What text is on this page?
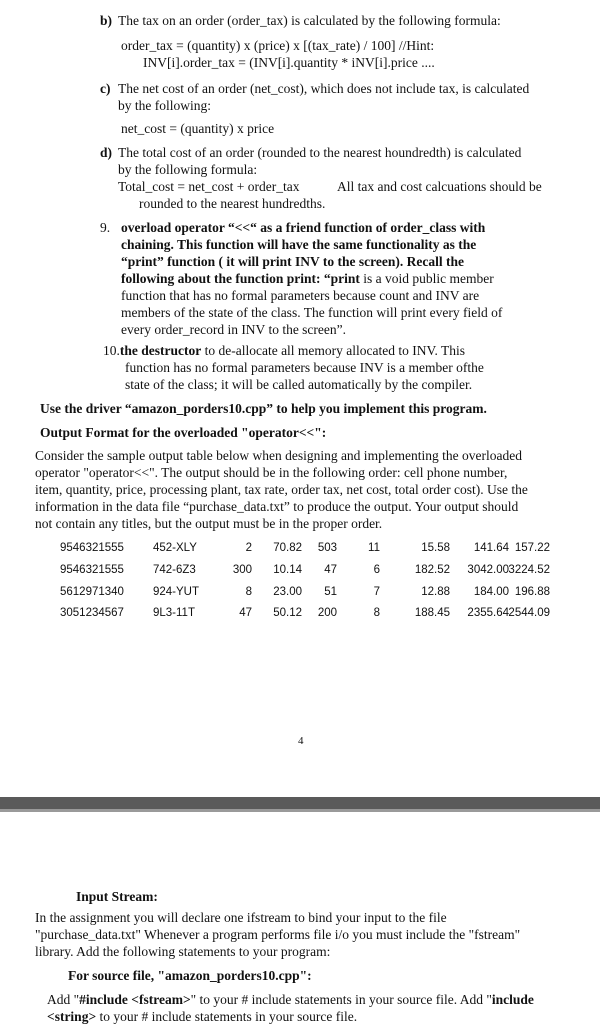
b) The tax on an order (order_tax) is calculated by the following formula:
order_tax = (quantity) x (price) x [(tax_rate) / 100] //Hint:
INV[i].order_tax = (INV[i].quantity * iNV[i].price ....
c) The net cost of an order (net_cost), which does not include tax, is calculated
by the following:
net_cost = (quantity) x price
d) The total cost of an order (rounded to the nearest houndredth) is calculated
by the following formula:
Total_cost = net_cost + order_tax	All tax and cost calcuations should be
rounded to the nearest hundredths.
9. overload operator “<<“ as a friend function of order_class with
chaining. This function will have the same functionality as the
“print” function ( it will print INV to the screen). Recall the
following about the function print: “print is a void public member
function that has no formal parameters because count and INV are
members of the state of the class. The function will print every field of
every order_record in INV to the screen”.
10.the destructor to de-allocate all memory allocated to INV. This
function has no formal parameters because INV is a member ofthe
state of the class; it will be called automatically by the compiler.
Use the driver “amazon_porders10.cpp” to help you implement this program.
Output Format for the overloaded "operator<<":
Consider the sample output table below when designing and implementing the overloaded
operator "operator<<". The output should be in the following order: cell phone number,
item, quantity, price, processing plant, tax rate, order tax, net cost, total order cost). Use the
information in the data file “purchase_data.txt” to produce the output. Your output should
not contain any titles, but the output must be in the proper order.
9546321555	452-XLY	2 70.82 503	11	15.58 141.64 157.22
9546321555	742-6Z3	300 10.14 47	6	182.52 3042.00 3224.52
5612971340	924-YUT	8 23.00 51	7	12.88 184.00 196.88
3051234567	9L3-11T	47 50.12 200	8	188.45 2355.64 2544.09
4
Input Stream:
In the assignment you will declare one ifstream to bind your input to the file
"purchase_data.txt" Whenever a program performs file i/o you must include the "fstream"
library. Add the following statements to your program:
For source file, "amazon_porders10.cpp":
Add "#include <fstream>" to your # include statements in your source file. Add "include
<string> to your # include statements in your source file.
